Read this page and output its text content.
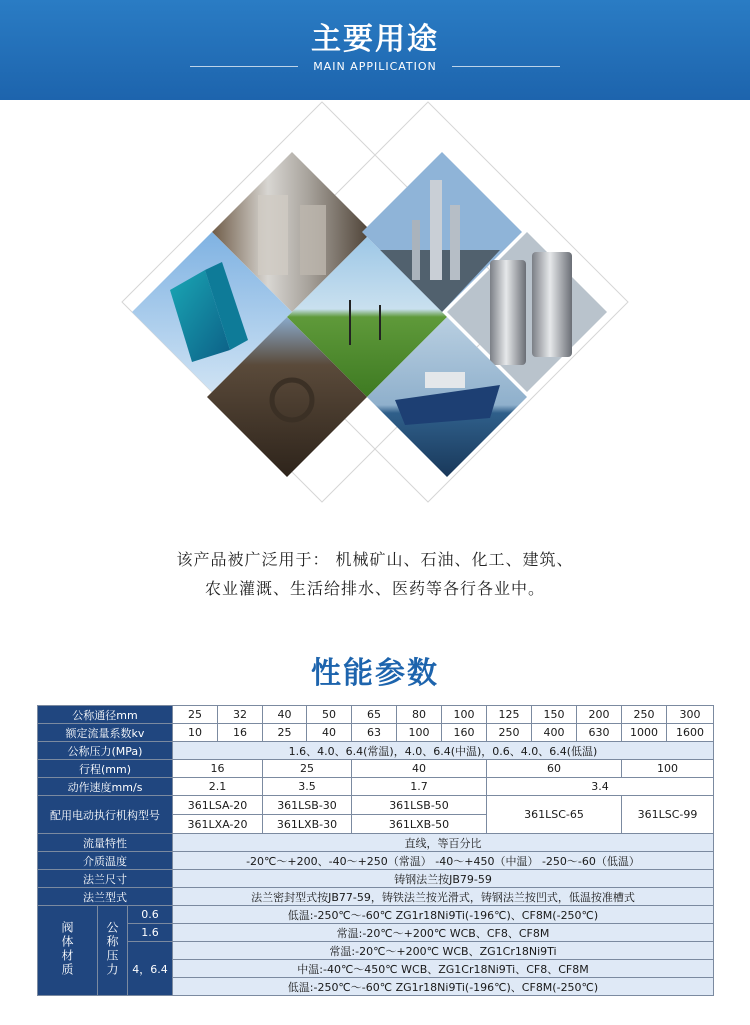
主要用途
MAIN APPILICATION
该产品被广泛用于： 机械矿山、石油、化工、建筑、
农业灌溉、生活给排水、医药等各行各业中。
性能参数
公称通径mm			25	32	40	50	65	80	100	125	150	200	250	300
额定流量系数kv			10	16	25	40	63	100	160	250	400	630	1000	1600
公称压力(MPa)			1.6、4.0、6.4(常温)，4.0、6.4(中温)，0.6、4.0、6.4(低温)											
行程(mm)			16		25		40			60			100	
动作速度mm/s			2.1		3.5		1.7			3.4				
配用电动执行机构型号			361LSA-20		361LSB-30		361LSB-50			361LSC-65			361LSC-99	
			361LXA-20		361LXB-30		361LXB-50							
流量特性			直线，等百分比											
介质温度			-20℃～+200、-40～+250（常温） -40～+450（中温） -250～-60（低温）											
法兰尺寸			铸钢法兰按JB79-59											
法兰型式			法兰密封型式按JB77-59，铸铁法兰按光滑式，铸钢法兰按凹式，低温按准槽式											
阀体材质	公称压力	0.6	低温:-250℃～-60℃ ZG1r18Ni9Ti(-196℃)、CF8M(-250℃)											
		1.6	常温:-20℃～+200℃ WCB、CF8、CF8M											
		4，6.4	常温:-20℃～+200℃ WCB、ZG1Cr18Ni9Ti											
			中温:-40℃～450℃ WCB、ZG1Cr18Ni9Ti、CF8、CF8M											
			低温:-250℃～-60℃ ZG1r18Ni9Ti(-196℃)、CF8M(-250℃)											
